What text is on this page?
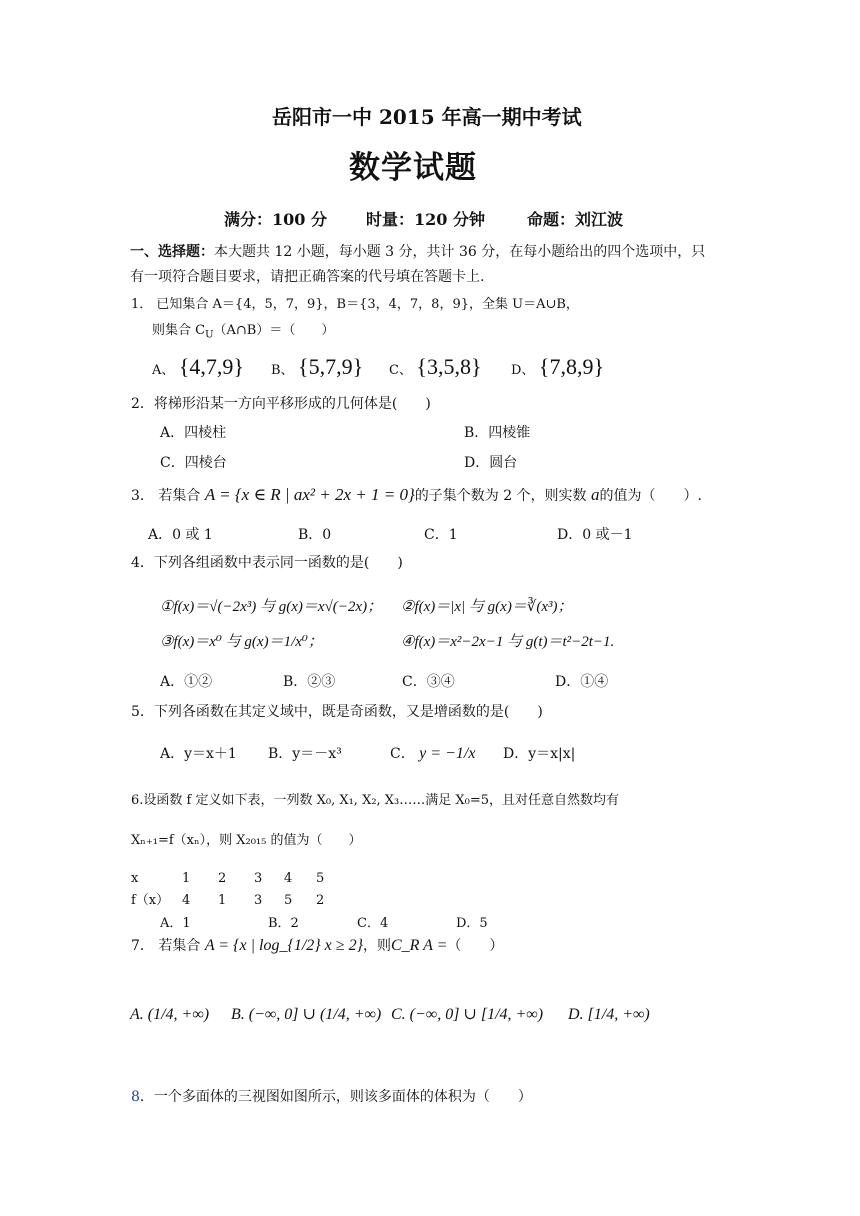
岳阳市一中 2015 年高一期中考试
数学试题
满分：100 分 时量：120 分钟	命题：刘江波
一、选择题：本大题共 12 小题，每小题 3 分，共计 36 分，在每小题给出的四个选项中，只
有一项符合题目要求，请把正确答案的代号填在答题卡上.
1． 已知集合 A＝{4，5，7，9}，B＝{3，4，7，8，9}，全集 U＝A∪B，
则集合 $C_U(A\cap B)=$（　　）
A、 {4,7,9} B、 {5,7,9} C、 {3,5,8} D、 {7,8,9}
2．将梯形沿某一方向平移形成的几何体是(　　)
A．四棱柱	B．四棱锥
C．四棱台	D．圆台
3． 若集合 A = {x ∈ R | ax² + 2x + 1 = 0}的子集个数为 2 个，则实数 a的值为（　　）.
A．0 或 1	B．0	C．1	D．0 或－1
4．下列各组函数中表示同一函数的是(　　)
①f(x)＝√(−2x³) 与 g(x)＝x√(−2x)； ②f(x)＝|x| 与 g(x)＝∛(x³)；
③f(x)＝x⁰ 与 g(x)＝1/x⁰；	④f(x)＝x²−2x−1 与 g(t)＝t²−2t−1.
A．①②	B．②③	C．③④	D．①④
5．下列各函数在其定义域中，既是奇函数，又是增函数的是(　　)
A．y＝x＋1 B．y＝－x³	C． y = −1/x D．y＝x|x|
6.设函数 f 定义如下表，一列数 X₀, X₁, X₂, X₃……满足 X₀=5，且对任意自然数均有
Xₙ₊₁=f（xₙ），则 X₂₀₁₅ 的值为（　　）
x	1 2 3 4 5
f（x） 4 1 3 5 2
A．1	B．2	C．4	D．5
7． 若集合 A = {x | log_{1/2} x ≥ 2}，则C_R A =（　　）
A. (1/4, +∞) B. (−∞, 0] ∪ (1/4, +∞) C. (−∞, 0] ∪ [1/4, +∞) D. [1/4, +∞)
8．一个多面体的三视图如图所示，则该多面体的体积为（　　）
